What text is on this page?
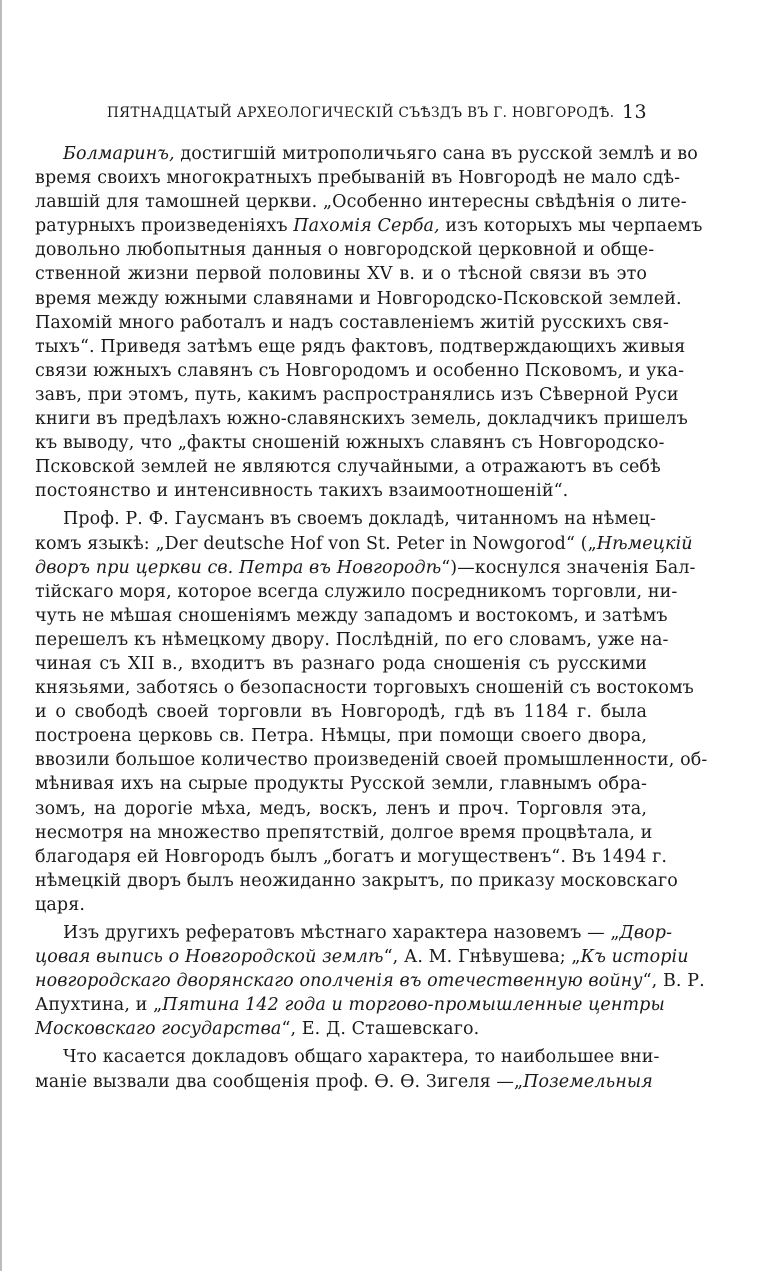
ПЯТНАДЦАТЫЙ АРХЕОЛОГИЧЕСКІЙ СЪѢЗДЪ ВЪ Г. НОВГОРОДѢ. 13

Болмаринъ, достигшій митрополичьяго сана въ русской землѣ и во
время своихъ многократныхъ пребываній въ Новгородѣ не мало сдѣ-
лавшій для тамошней церкви. „Особенно интересны свѣдѣнія о лите-
ратурныхъ произведеніяхъ Пахомія Серба, изъ которыхъ мы черпаемъ
довольно любопытныя данныя о новгородской церковной и обще-
ственной жизни первой половины XV в. и о тѣсной связи въ это
время между южными славянами и Новгородско-Псковской землей.
Пахомій много работалъ и надъ составленіемъ житій русскихъ свя-
тыхъ“. Приведя затѣмъ еще рядъ фактовъ, подтверждающихъ живыя
связи южныхъ славянъ съ Новгородомъ и особенно Псковомъ, и ука-
завъ, при этомъ, путь, какимъ распространялись изъ Сѣверной Руси
книги въ предѣлахъ южно-славянскихъ земель, докладчикъ пришелъ
къ выводу, что „факты сношеній южныхъ славянъ съ Новгородско-
Псковской землей не являются случайными, а отражаютъ въ себѣ
постоянство и интенсивность такихъ взаимоотношеній“.

Проф. Р. Ф. Гаусманъ въ своемъ докладѣ, читанномъ на нѣмец-
комъ языкѣ: „Der deutsche Hof von St. Peter in Nowgorod“ („Нѣмецкій
дворъ при церкви св. Петра въ Новгородѣ“)—коснулся значенія Бал-
тійскаго моря, которое всегда служило посредникомъ торговли, ни-
чуть не мѣшая сношеніямъ между западомъ и востокомъ, и затѣмъ
перешелъ къ нѣмецкому двору. Послѣдній, по его словамъ, уже на-
чиная съ XII в., входитъ въ разнаго рода сношенія съ русскими
князьями, заботясь о безопасности торговыхъ сношеній съ востокомъ
и о свободѣ своей торговли въ Новгородѣ, гдѣ въ 1184 г. была
построена церковь св. Петра. Нѣмцы, при помощи своего двора,
ввозили большое количество произведеній своей промышленности, об-
мѣнивая ихъ на сырые продукты Русской земли, главнымъ обра-
зомъ, на дорогіе мѣха, медъ, воскъ, ленъ и проч. Торговля эта,
несмотря на множество препятствій, долгое время процвѣтала, и
благодаря ей Новгородъ былъ „богатъ и могущественъ“. Въ 1494 г.
нѣмецкій дворъ былъ неожиданно закрытъ, по приказу московскаго
царя.

Изъ другихъ рефератовъ мѣстнаго характера назовемъ — „Двор-
цовая выпись о Новгородской землѣ“, А. М. Гнѣвушева; „Къ исторіи
новгородскаго дворянскаго ополченія въ отечественную войну“, В. Р.
Апухтина, и „Пятина 142 года и торгово-промышленные центры
Московскаго государства“, Е. Д. Сташевскаго.

Что касается докладовъ общаго характера, то наибольшее вни-
маніе вызвали два сообщенія проф. Ѳ. Ѳ. Зигеля —„Поземельныя
